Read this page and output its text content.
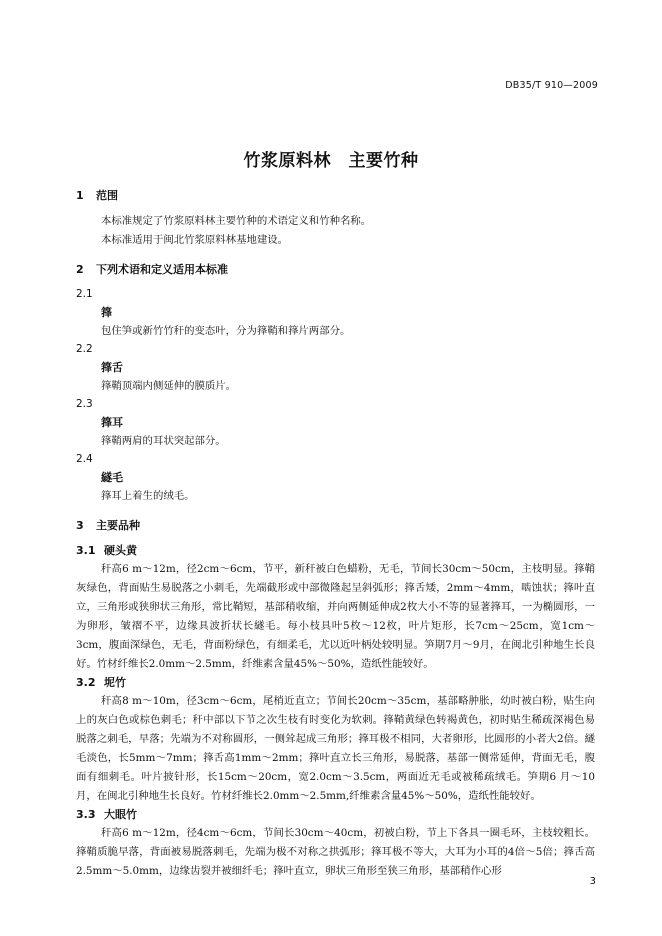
DB35/T 910—2009
竹浆原料林　主要竹种
1 范围
本标准规定了竹浆原料林主要竹种的术语定义和竹种名称。
本标准适用于闽北竹浆原料林基地建设。
2 下列术语和定义适用本标准
2.1
箨
包住笋或新竹竹秆的变态叶，分为箨鞘和箨片两部分。
2.2
箨舌
箨鞘顶端内侧延伸的膜质片。
2.3
箨耳
箨鞘两肩的耳状突起部分。
2.4
繸毛
箨耳上着生的绒毛。
3 主要品种
3.1 硬头黄
秆高6 m～12m，径2cm～6cm，节平，新秆被白色蜡粉，无毛，节间长30cm～50cm，主枝明显。箨鞘灰绿色，背面贴生易脱落之小刺毛，先端截形或中部微隆起呈斜弧形；箨舌矮，2mm～4mm，啮蚀状；箨叶直立，三角形或狭卵状三角形，常比鞘短，基部稍收缩，并向两侧延伸成2枚大小不等的显著箨耳，一为椭圆形，一为卵形，皱褶不平，边缘具波折状长繸毛。每小枝具叶5枚～12枚，叶片矩形，长7cm～25cm，宽1cm～3cm，腹面深绿色，无毛，背面粉绿色，有细柔毛，尤以近叶柄处较明显。笋期7月～9月，在闽北引种地生长良好。竹材纤维长2.0mm～2.5mm，纤维素含量45%～50%，造纸性能较好。
3.2 坭竹
秆高8 m～10m，径3cm～6cm，尾梢近直立；节间长20cm～35cm，基部略肿胀，幼时被白粉，贴生向上的灰白色或棕色刺毛；秆中部以下节之次生枝有时变化为软刺。箨鞘黄绿色转褐黄色，初时贴生稀疏深褐色易脱落之刺毛，早落；先端为不对称圆形，一侧耸起成三角形；箨耳极不相同，大者卵形，比圆形的小者大2倍。繸毛淡色，长5mm～7mm；箨舌高1mm～2mm；箨叶直立长三角形，易脱落，基部一侧常延伸，背面无毛，腹面有细刺毛。叶片披针形，长15cm～20cm，宽2.0cm～3.5cm，两面近无毛或被稀疏绒毛。笋期6 月～10 月，在闽北引种地生长良好。竹材纤维长2.0mm～2.5mm,纤维素含量45%～50%，造纸性能较好。
3.3 大眼竹
秆高6 m～12m，径4cm～6cm，节间长30cm～40cm，初被白粉，节上下各具一圈毛环，主枝较粗长。箨鞘质脆早落，背面被易脱落刺毛，先端为极不对称之拱弧形；箨耳极不等大，大耳为小耳的4倍～5倍；箨舌高2.5mm～5.0mm，边缘齿裂并被细纤毛；箨叶直立，卵状三角形至狭三角形，基部稍作心形
3
